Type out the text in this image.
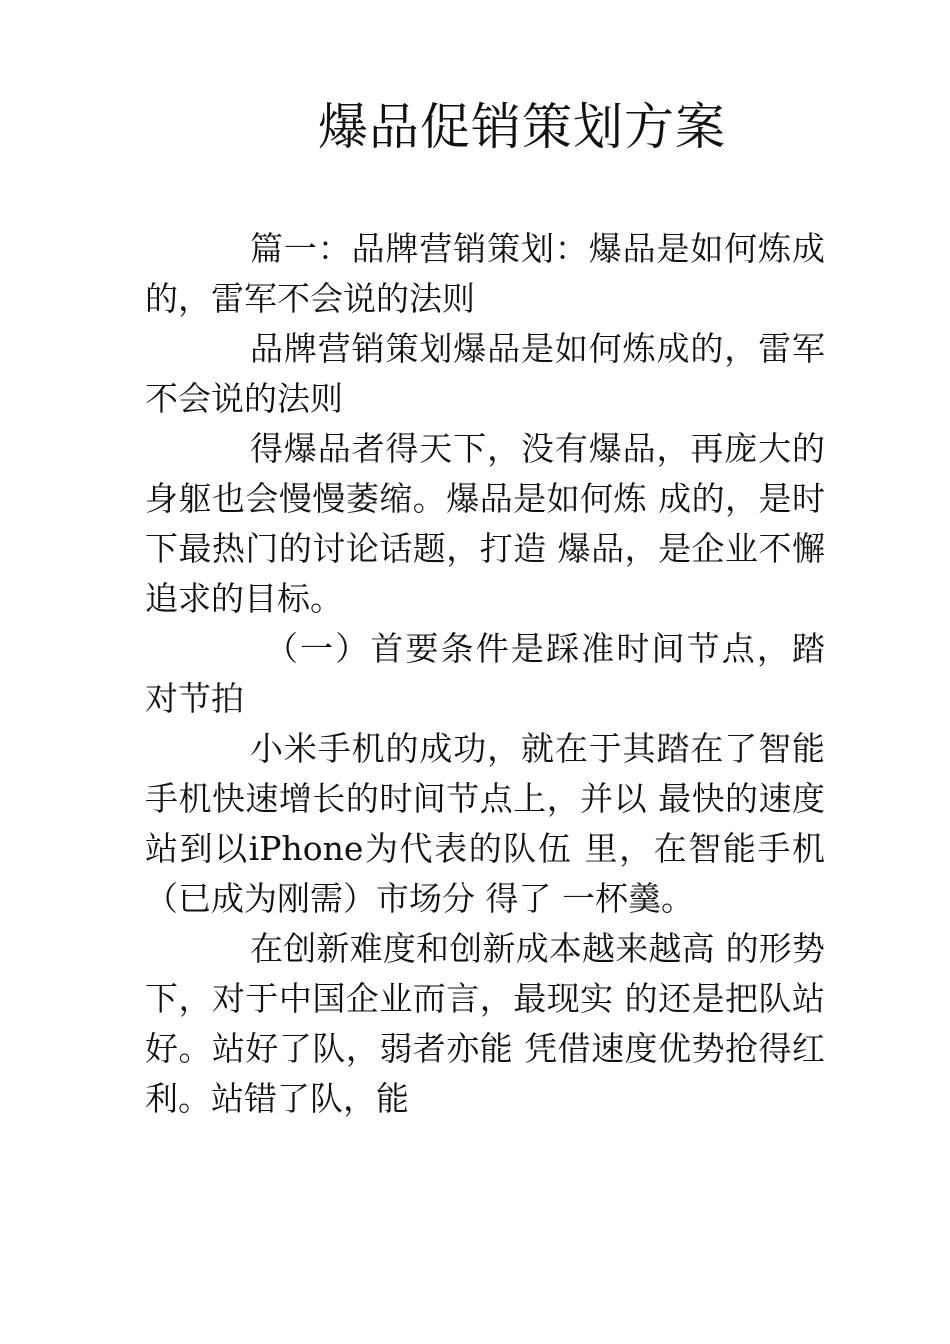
爆品促销策划方案

篇一：品牌营销策划：爆品是如何炼成的，雷军不会说的法则

品牌营销策划爆品是如何炼成的，雷军不会说的法则

得爆品者得天下，没有爆品，再庞大的身躯也会慢慢萎缩。爆品是如何炼 成的，是时下最热门的讨论话题，打造 爆品，是企业不懈追求的目标。

（一）首要条件是踩准时间节点，踏对节拍

小米手机的成功，就在于其踏在了智能手机快速增长的时间节点上，并以 最快的速度站到以iPhone为代表的队伍 里，在智能手机（已成为刚需）市场分 得了 一杯羹。

在创新难度和创新成本越来越高 的形势下，对于中国企业而言，最现实 的还是把队站好。站好了队，弱者亦能 凭借速度优势抢得红利。站错了队，能
